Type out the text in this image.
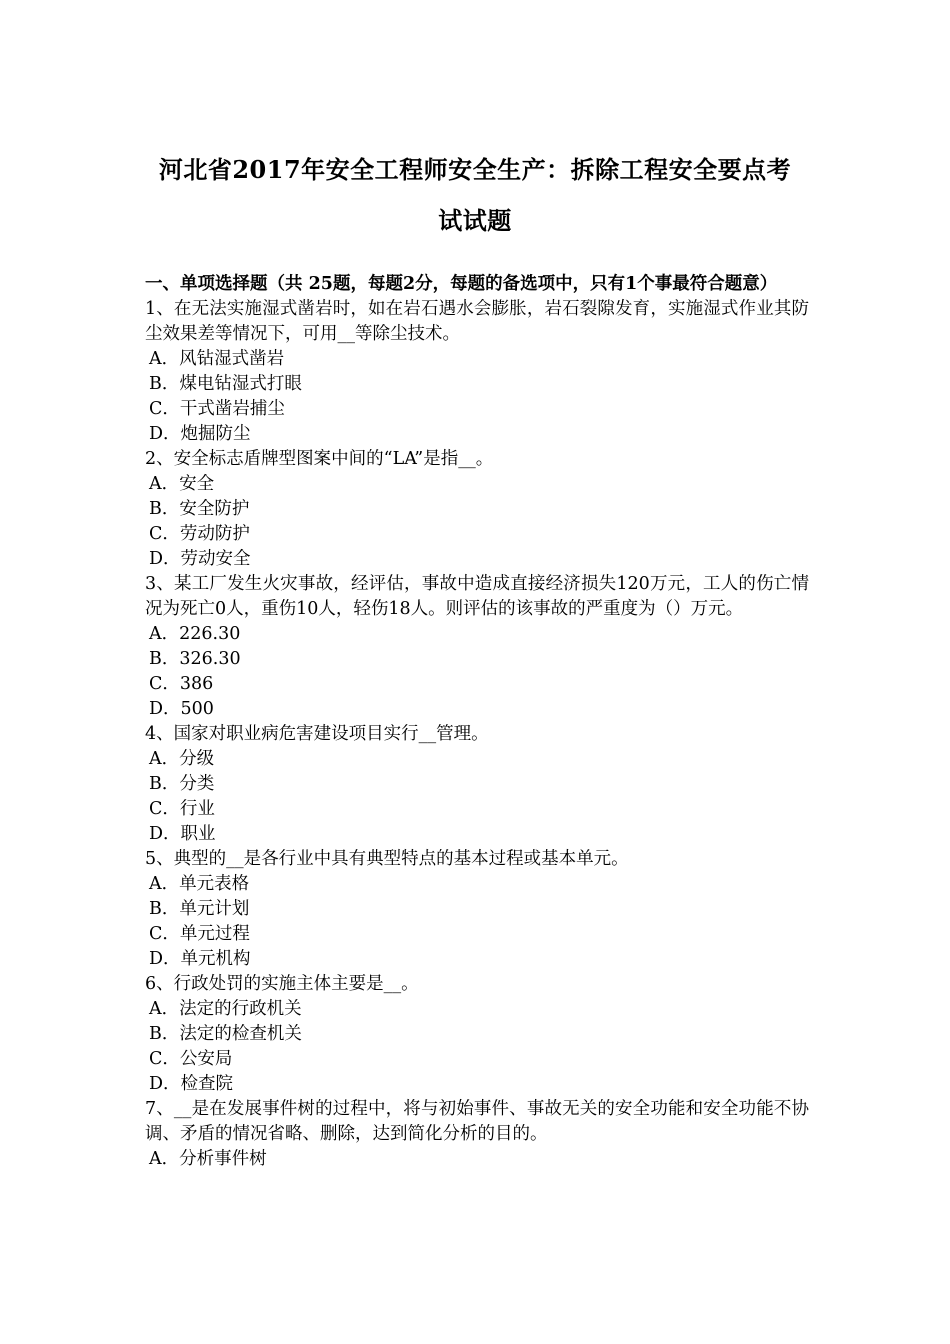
河北省2017年安全工程师安全生产：拆除工程安全要点考
试试题

一、单项选择题（共 25题，每题2分，每题的备选项中，只有1个事最符合题意）

1、在无法实施湿式凿岩时，如在岩石遇水会膨胀，岩石裂隙发育，实施湿式作业其防尘效果差等情况下，可用__等除尘技术。

A．风钻湿式凿岩

B．煤电钻湿式打眼

C．干式凿岩捕尘

D．炮掘防尘

2、安全标志盾牌型图案中间的“LA”是指__。

A．安全

B．安全防护

C．劳动防护

D．劳动安全

3、某工厂发生火灾事故，经评估，事故中造成直接经济损失120万元，工人的伤亡情况为死亡0人，重伤10人，轻伤18人。则评估的该事故的严重度为（）万元。

A．226.30

B．326.30

C．386

D．500

4、国家对职业病危害建设项目实行__管理。

A．分级

B．分类

C．行业

D．职业

5、典型的__是各行业中具有典型特点的基本过程或基本单元。

A．单元表格

B．单元计划

C．单元过程

D．单元机构

6、行政处罚的实施主体主要是__。

A．法定的行政机关

B．法定的检查机关

C．公安局

D．检查院

7、__是在发展事件树的过程中，将与初始事件、事故无关的安全功能和安全功能不协调、矛盾的情况省略、删除，达到简化分析的目的。

A．分析事件树
